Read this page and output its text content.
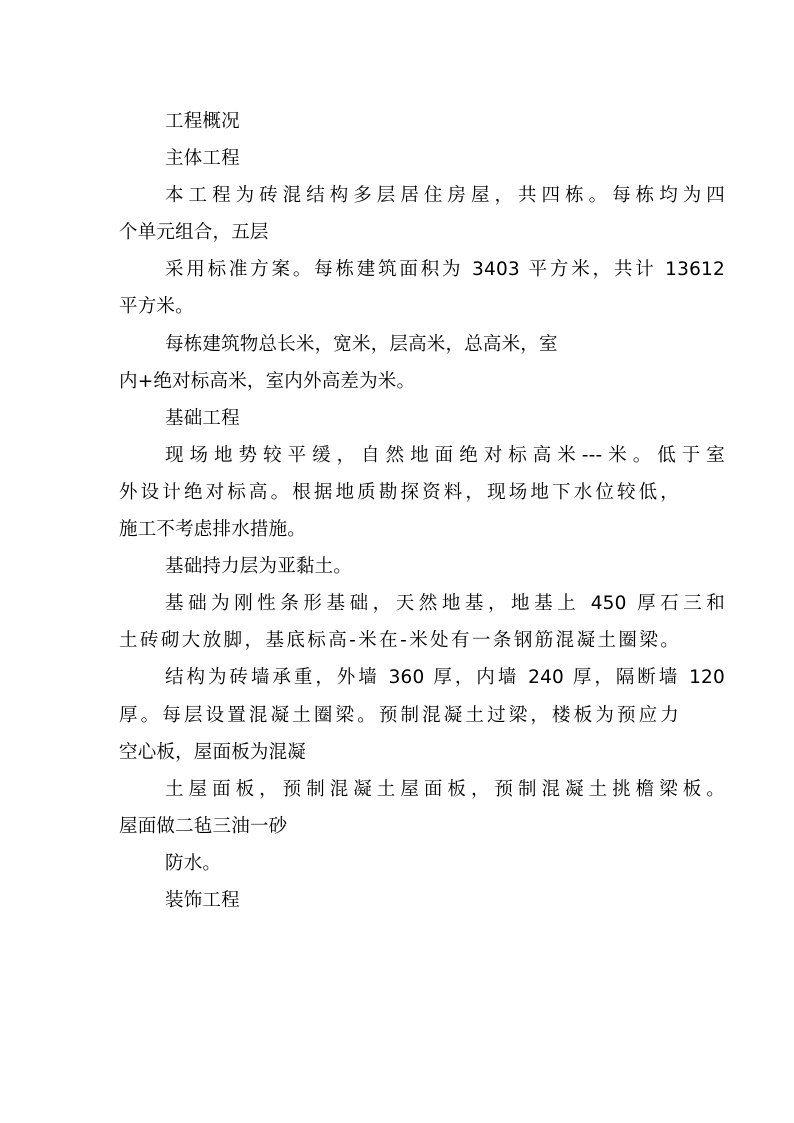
工程概况
主体工程
本工程为砖混结构多层居住房屋，共四栋。每栋均为四
个单元组合，五层
采用标准方案。每栋建筑面积为 3403 平方米，共计 13612
平方米。
每栋建筑物总长米，宽米，层高米，总高米，室
内+绝对标高米，室内外高差为米。
基础工程
现场地势较平缓，自然地面绝对标高米---米。低于室
外设计绝对标高。根据地质勘探资料，现场地下水位较低，
施工不考虑排水措施。
基础持力层为亚黏土。
基础为刚性条形基础，天然地基，地基上 450 厚石三和
土砖砌大放脚，基底标高-米在-米处有一条钢筋混凝土圈梁。
结构为砖墙承重，外墙 360 厚，内墙 240 厚，隔断墙 120
厚。每层设置混凝土圈梁。预制混凝土过梁，楼板为预应力
空心板，屋面板为混凝
土屋面板，预制混凝土屋面板，预制混凝土挑檐梁板。
屋面做二毡三油一砂
防水。
装饰工程
